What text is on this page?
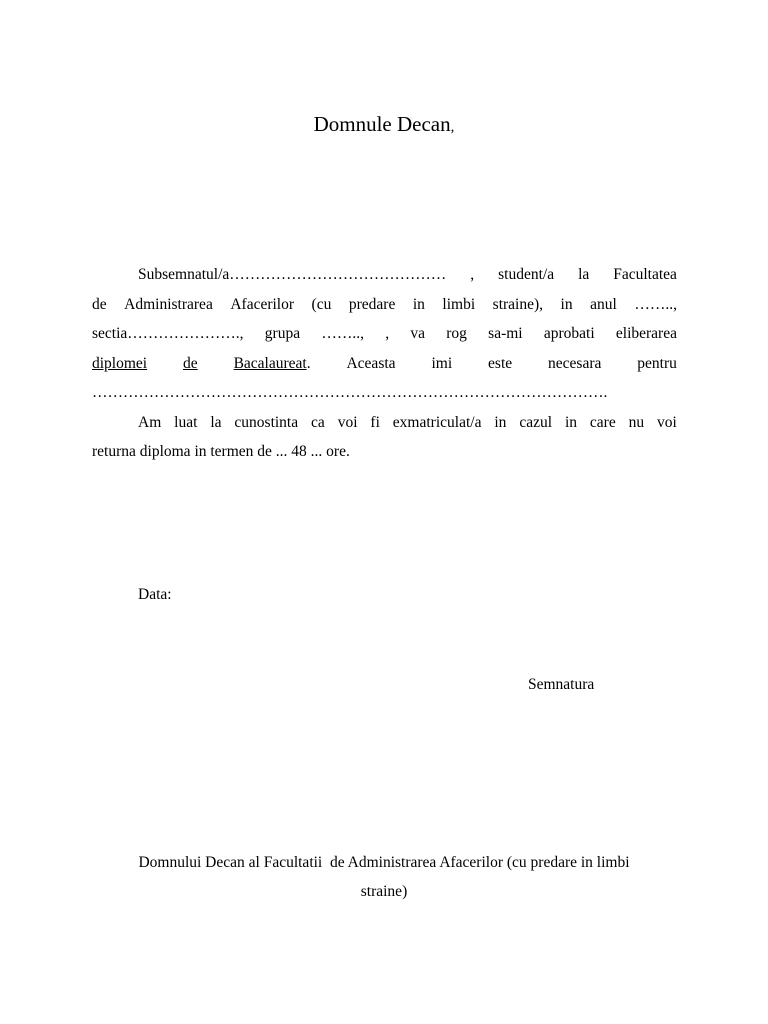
Domnule Decan,
Subsemnatul/a…………………………………… , student/a la Facultatea
de Administrarea Afacerilor (cu predare in limbi straine), in anul ……..,
sectia…………………., grupa …….., , va rog sa-mi aprobati eliberarea
diplomei de Bacalaureat. Aceasta imi este necesara pentru
……………………………………………………………………………………….
Am luat la cunostinta ca voi fi exmatriculat/a in cazul in care nu voi
returna diploma in termen de ... 48 ... ore.
Data:
Semnatura
Domnului Decan al Facultatii  de Administrarea Afacerilor (cu predare in limbi
straine)
